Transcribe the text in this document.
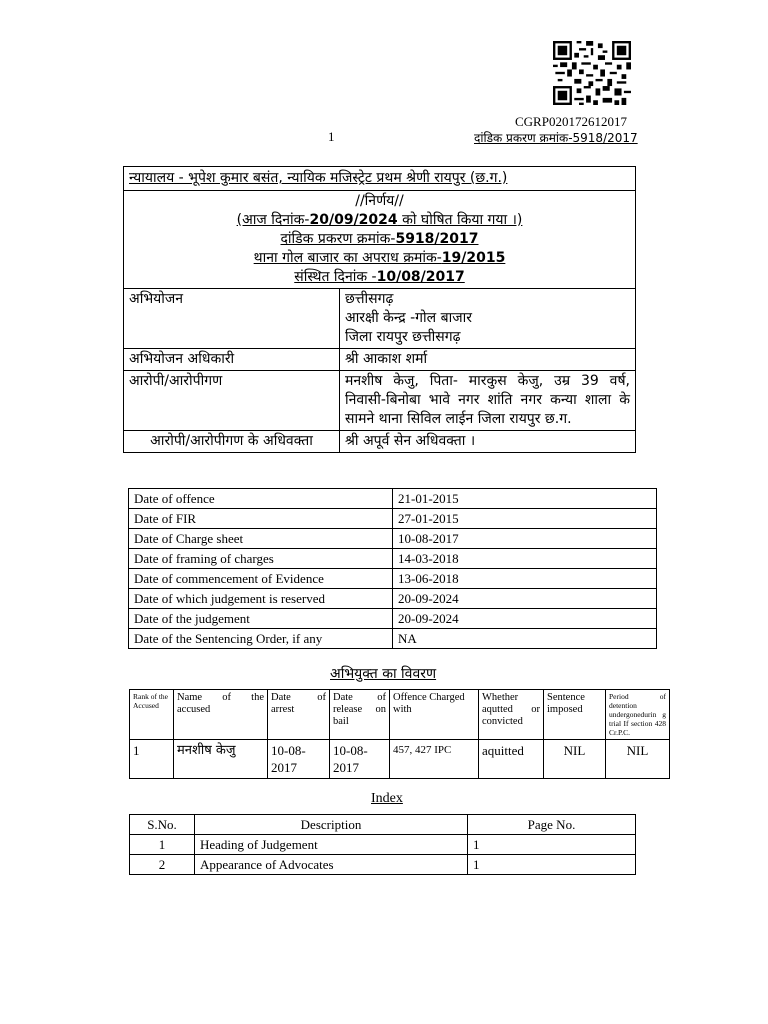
CGRP020172612017
1	दांडिक प्रकरण क्रमांक-5918/2017
न्यायालय - भूपेश कुमार बसंत, न्यायिक मजिस्ट्रेट प्रथम श्रेणी रायपुर (छ.ग.)	

//निर्णय//
(आज दिनांक-20/09/2024 को घोषित किया गया ।)
दांडिक प्रकरण क्रमांक-5918/2017
थाना गोल बाजार का अपराध क्रमांक-19/2015
संस्थित दिनांक -10/08/2017	

अभियोजन	छत्तीसगढ़
आरक्षी केन्द्र -गोल बाजार
जिला रायपुर छत्तीसगढ़

अभियोजन अधिकारी	श्री आकाश शर्मा
आरोपी/आरोपीगण	मनशीष केजु, पिता- मारकुस केजु, उम्र 39 वर्ष, निवासी-बिनोबा भावे नगर शांति नगर कन्या शाला के सामने थाना सिविल लाईन जिला रायपुर छ.ग.
आरोपी/आरोपीगण के अधिवक्ता	श्री अपूर्व सेन अधिवक्ता ।
Date of offence	21-01-2015
Date of FIR	27-01-2015
Date of Charge sheet	10-08-2017
Date of framing of charges	14-03-2018
Date of commencement of Evidence	13-06-2018
Date of which judgement is reserved	20-09-2024
Date of the judgement	20-09-2024
Date of the Sentencing Order, if any	NA
अभियुक्त का विवरण
Rank of the Accused	Name of the accused	Date of arrest	Date of release on bail	Offence Charged with	Whether aqutted or convicted	Sentence imposed	Period of detention undergonedurin g trial If section 428 Cr.P.C.
1	मनशीष केजु	10-08-2017	10-08-2017	457, 427 IPC	aquitted	NIL	NIL
Index
S.No.	Description	Page No.
1	Heading of Judgement	1
2	Appearance of Advocates	1
